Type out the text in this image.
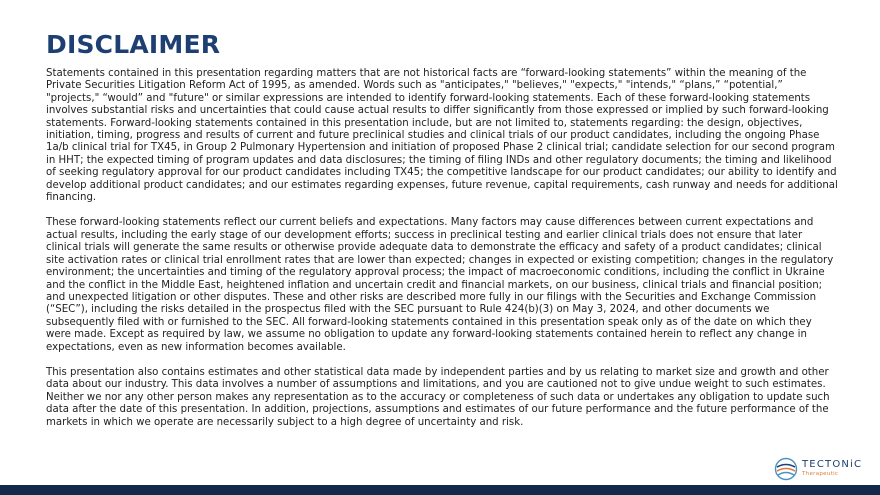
DISCLAIMER

Statements contained in this presentation regarding matters that are not historical facts are “forward-looking statements” within the meaning of the Private Securities Litigation Reform Act of 1995, as amended. Words such as "anticipates," "believes," "expects," "intends," “plans,” “potential,” "projects," “would” and "future" or similar expressions are intended to identify forward-looking statements. Each of these forward-looking statements involves substantial risks and uncertainties that could cause actual results to differ significantly from those expressed or implied by such forward-looking statements. Forward-looking statements contained in this presentation include, but are not limited to, statements regarding: the design, objectives, initiation, timing, progress and results of current and future preclinical studies and clinical trials of our product candidates, including the ongoing Phase 1a/b clinical trial for TX45, in Group 2 Pulmonary Hypertension and initiation of proposed Phase 2 clinical trial; candidate selection for our second program in HHT; the expected timing of program updates and data disclosures; the timing of filing INDs and other regulatory documents; the timing and likelihood of seeking regulatory approval for our product candidates including TX45; the competitive landscape for our product candidates; our ability to identify and develop additional product candidates; and our estimates regarding expenses, future revenue, capital requirements, cash runway and needs for additional financing.

These forward-looking statements reflect our current beliefs and expectations. Many factors may cause differences between current expectations and actual results, including the early stage of our development efforts; success in preclinical testing and earlier clinical trials does not ensure that later clinical trials will generate the same results or otherwise provide adequate data to demonstrate the efficacy and safety of a product candidates; clinical site activation rates or clinical trial enrollment rates that are lower than expected; changes in expected or existing competition; changes in the regulatory environment; the uncertainties and timing of the regulatory approval process; the impact of macroeconomic conditions, including the conflict in Ukraine and the conflict in the Middle East, heightened inflation and uncertain credit and financial markets, on our business, clinical trials and financial position; and unexpected litigation or other disputes. These and other risks are described more fully in our filings with the Securities and Exchange Commission (“SEC”), including the risks detailed in the prospectus filed with the SEC pursuant to Rule 424(b)(3) on May 3, 2024, and other documents we subsequently filed with or furnished to the SEC. All forward-looking statements contained in this presentation speak only as of the date on which they were made. Except as required by law, we assume no obligation to update any forward-looking statements contained herein to reflect any change in expectations, even as new information becomes available.

This presentation also contains estimates and other statistical data made by independent parties and by us relating to market size and growth and other data about our industry. This data involves a number of assumptions and limitations, and you are cautioned not to give undue weight to such estimates. Neither we nor any other person makes any representation as to the accuracy or completeness of such data or undertakes any obligation to update such data after the date of this presentation. In addition, projections, assumptions and estimates of our future performance and the future performance of the markets in which we operate are necessarily subject to a high degree of uncertainty and risk.

TECTONiC
Therapeutic
